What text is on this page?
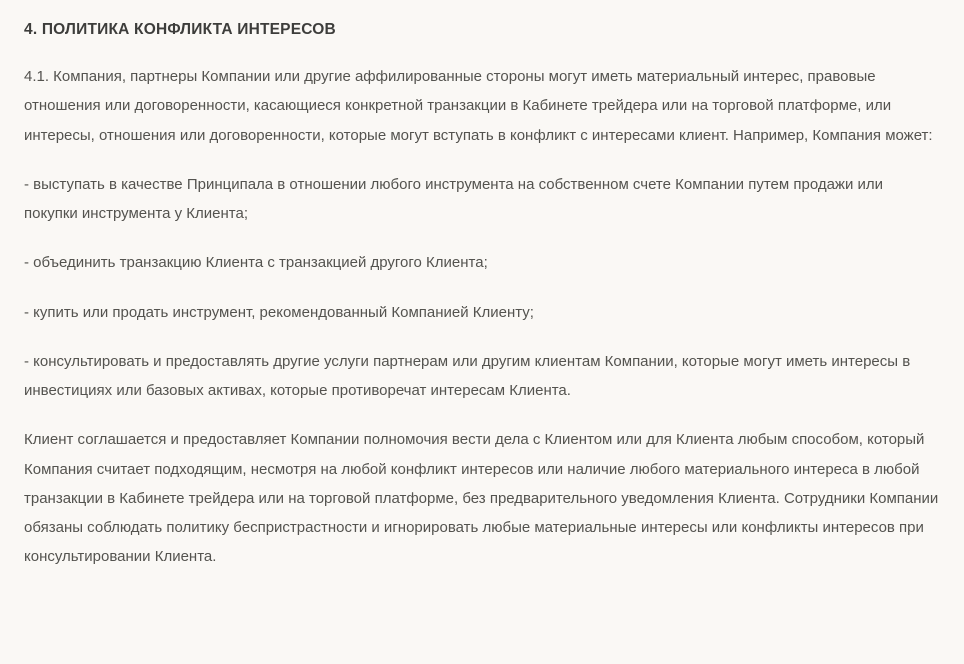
4. ПОЛИТИКА КОНФЛИКТА ИНТЕРЕСОВ

4.1. Компания, партнеры Компании или другие аффилированные стороны могут иметь материальный интерес, правовые отношения или договоренности, касающиеся конкретной транзакции в Кабинете трейдера или на торговой платформе, или интересы, отношения или договоренности, которые могут вступать в конфликт с интересами клиент. Например, Компания может:

- выступать в качестве Принципала в отношении любого инструмента на собственном счете Компании путем продажи или покупки инструмента у Клиента;

- объединить транзакцию Клиента с транзакцией другого Клиента;

- купить или продать инструмент, рекомендованный Компанией Клиенту;

- консультировать и предоставлять другие услуги партнерам или другим клиентам Компании, которые могут иметь интересы в инвестициях или базовых активах, которые противоречат интересам Клиента.

Клиент соглашается и предоставляет Компании полномочия вести дела с Клиентом или для Клиента любым способом, который Компания считает подходящим, несмотря на любой конфликт интересов или наличие любого материального интереса в любой транзакции в Кабинете трейдера или на торговой платформе, без предварительного уведомления Клиента. Сотрудники Компании обязаны соблюдать политику беспристрастности и игнорировать любые материальные интересы или конфликты интересов при консультировании Клиента.
